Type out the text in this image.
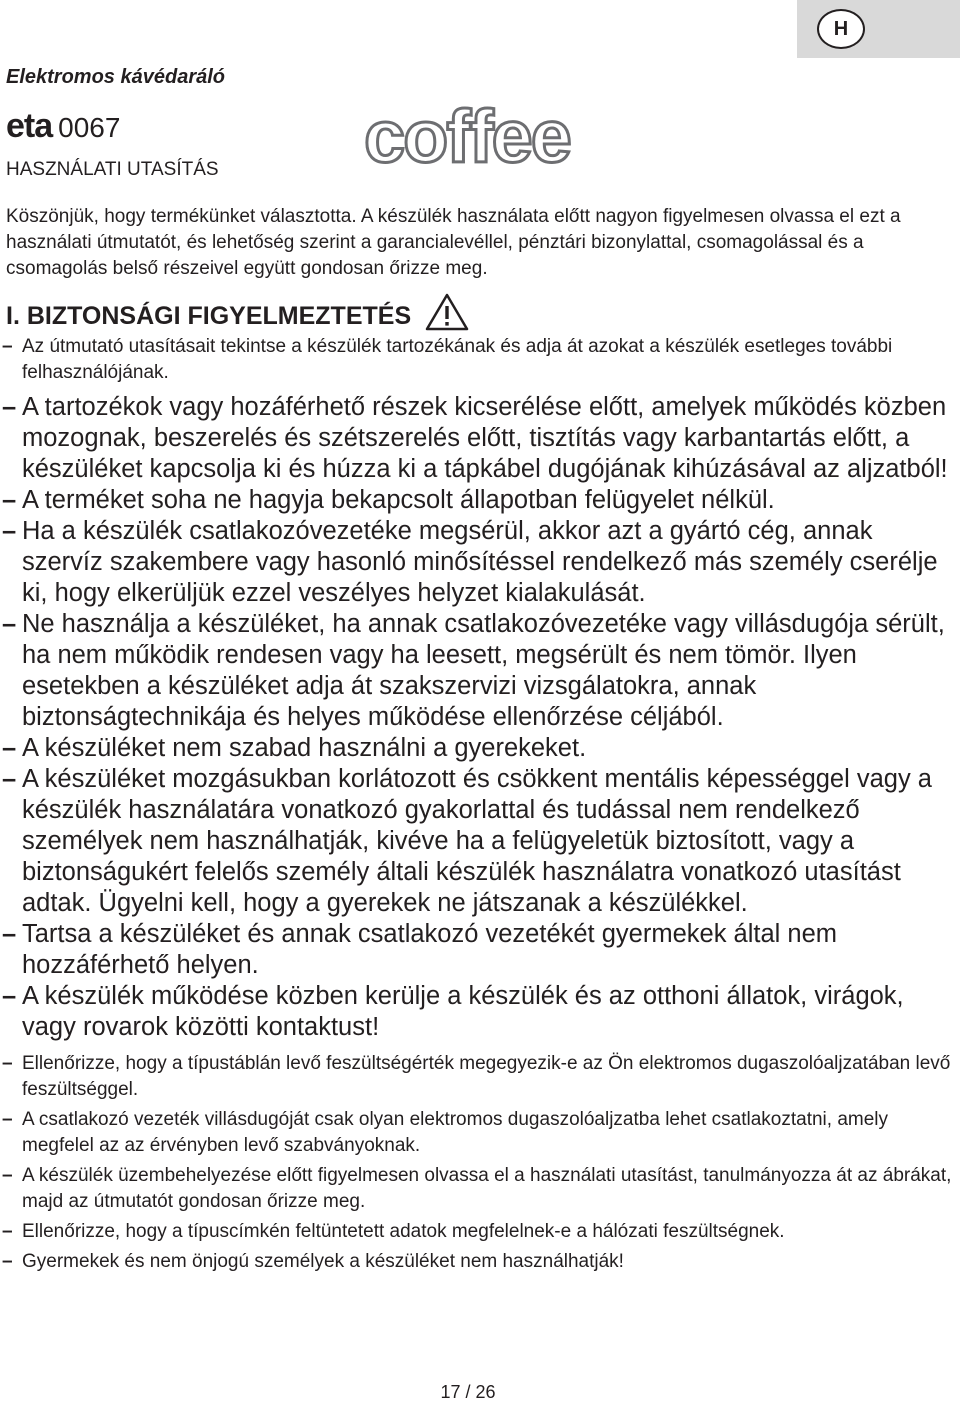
H
Elektromos kávédaráló
eta 0067
HASZNÁLATI UTASÍTÁS coffee

Köszönjük, hogy termékünket választotta. A készülék használata előtt nagyon figyelmesen olvassa el ezt a használati útmutatót, és lehetőség szerint a garancialevéllel, pénztári bizonylattal, csomagolással és a csomagolás belső részeivel együtt gondosan őrizze meg.

I. BIZTONSÁGI FIGYELMEZTETÉS
– Az útmutató utasításait tekintse a készülék tartozékának és adja át azokat a készülék esetleges további felhasználójának.
– A tartozékok vagy hozáférhető részek kicserélése előtt, amelyek működés közben mozognak, beszerelés és szétszerelés előtt, tisztítás vagy karbantartás előtt, a készüléket kapcsolja ki és húzza ki a tápkábel dugójának kihúzásával az aljzatból!
– A terméket soha ne hagyja bekapcsolt állapotban felügyelet nélkül.
– Ha a készülék csatlakozóvezetéke megsérül, akkor azt a gyártó cég, annak szervíz szakembere vagy hasonló minősítéssel rendelkező más személy cserélje ki, hogy elkerüljük ezzel veszélyes helyzet kialakulását.
– Ne használja a készüléket, ha annak csatlakozóvezetéke vagy villásdugója sérült, ha nem működik rendesen vagy ha leesett, megsérült és nem tömör. Ilyen esetekben a készüléket adja át szakszervizi vizsgálatokra, annak biztonságtechnikája és helyes működése ellenőrzése céljából.
– A készüléket nem szabad használni a gyerekeket.
– A készüléket mozgásukban korlátozott és csökkent mentális képességgel vagy a készülék használatára vonatkozó gyakorlattal és tudással nem rendelkező személyek nem használhatják, kivéve ha a felügyeletük biztosított, vagy a biztonságukért felelős személy általi készülék használatra vonatkozó utasítást adtak. Ügyelni kell, hogy a gyerekek ne játszanak a készülékkel.
– Tartsa a készüléket és annak csatlakozó vezetékét gyermekek által nem hozzáférhető helyen.
– A készülék működése közben kerülje a készülék és az otthoni állatok, virágok, vagy rovarok közötti kontaktust!
– Ellenőrizze, hogy a típustáblán levő feszültségérték megegyezik-e az Ön elektromos dugaszolóaljzatában levő feszültséggel.
– A csatlakozó vezeték villásdugóját csak olyan elektromos dugaszolóaljzatba lehet csatlakoztatni, amely megfelel az az érvényben levő szabványoknak.
– A készülék üzembehelyezése előtt figyelmesen olvassa el a használati utasítást, tanulmányozza át az ábrákat, majd az útmutatót gondosan őrizze meg.
– Ellenőrizze, hogy a típuscímkén feltüntetett adatok megfelelnek-e a hálózati feszültségnek.
– Gyermekek és nem önjogú személyek a készüléket nem használhatják!
17 / 26
